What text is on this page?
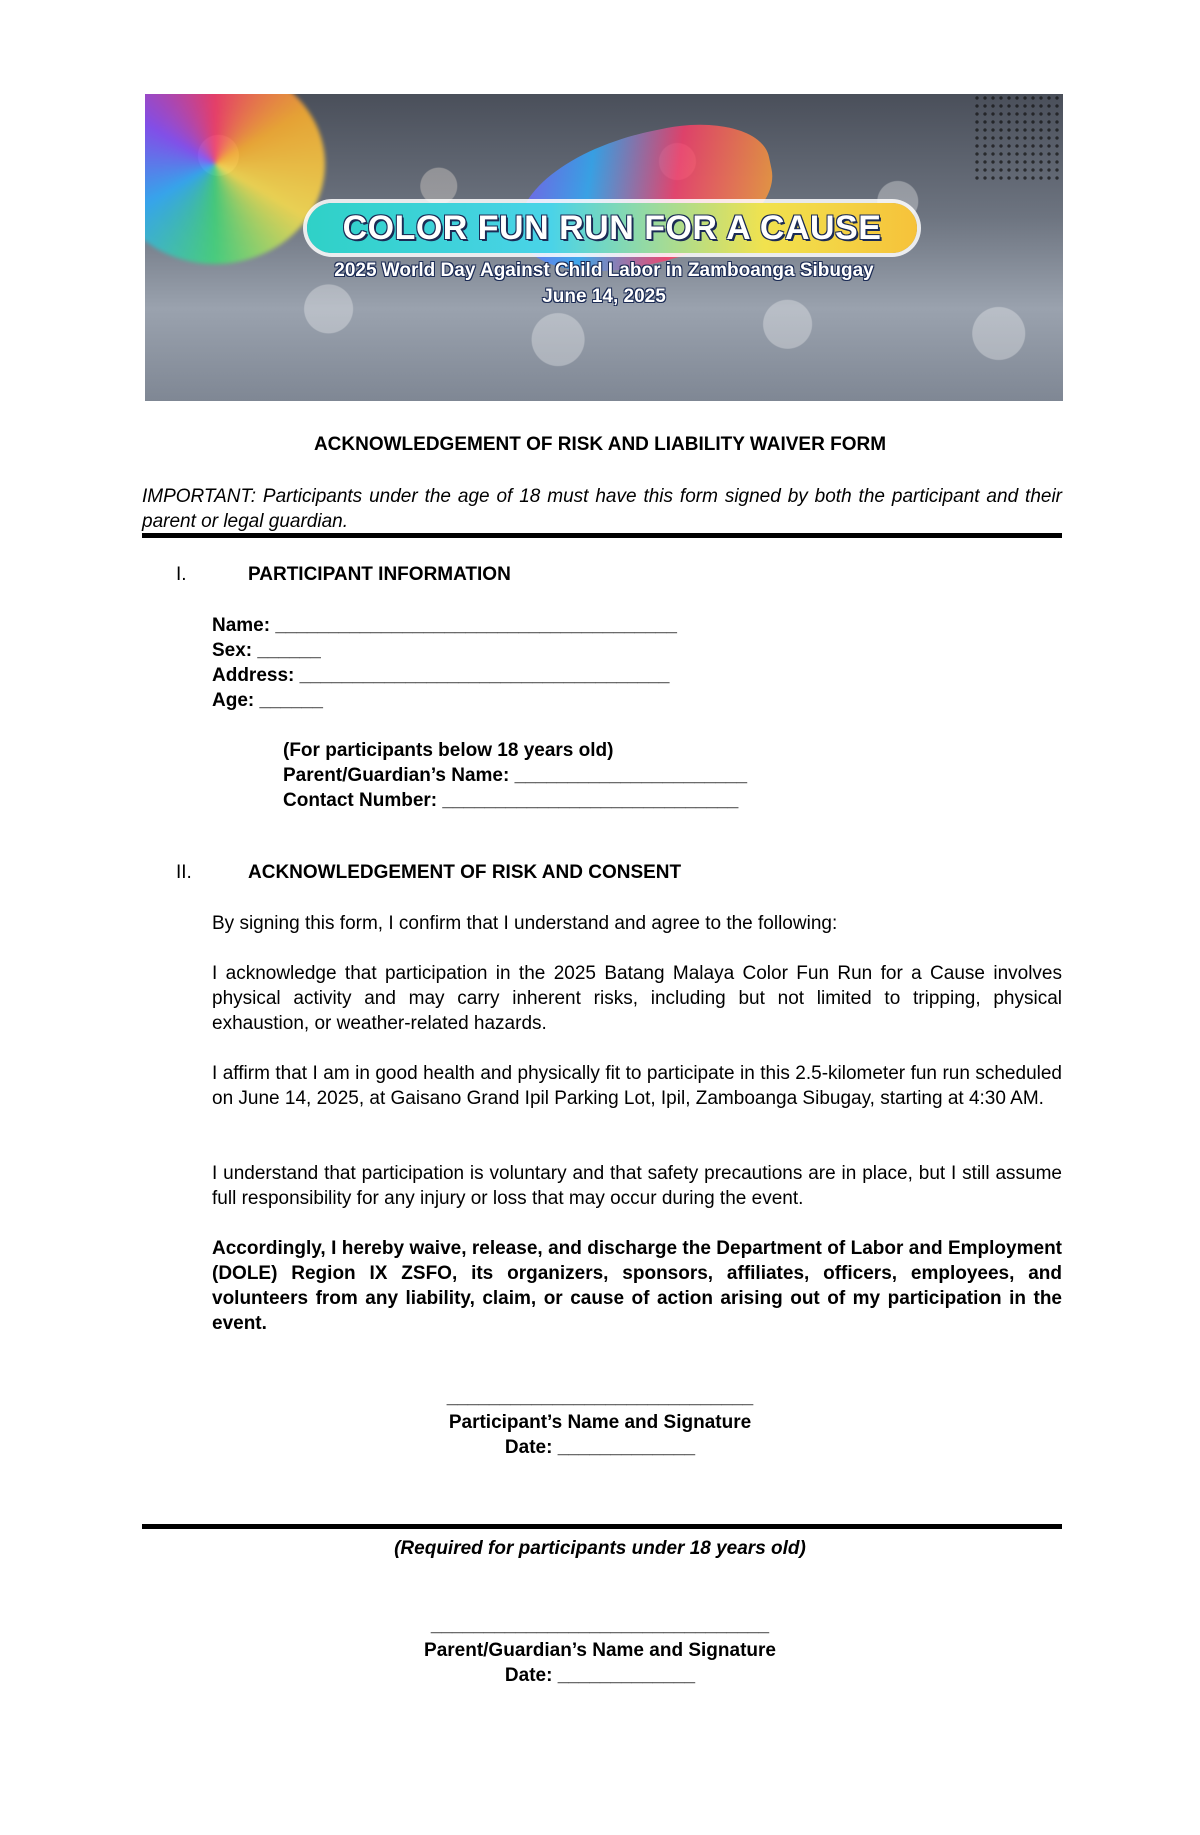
COLOR FUN RUN FOR A CAUSE
2025 World Day Against Child Labor in Zamboanga Sibugay
June 14, 2025
ACKNOWLEDGEMENT OF RISK AND LIABILITY WAIVER FORM
IMPORTANT: Participants under the age of 18 must have this form signed by both the participant and their parent or legal guardian.
I.	PARTICIPANT INFORMATION
Name: ______________________________________
Sex: ______
Address: ___________________________________
Age: ______
(For participants below 18 years old)
Parent/Guardian’s Name: ______________________
Contact Number: ____________________________
II.	ACKNOWLEDGEMENT OF RISK AND CONSENT
By signing this form, I confirm that I understand and agree to the following:
I acknowledge that participation in the 2025 Batang Malaya Color Fun Run for a Cause involves physical activity and may carry inherent risks, including but not limited to tripping, physical exhaustion, or weather-related hazards.
I affirm that I am in good health and physically fit to participate in this 2.5-kilometer fun run scheduled on June 14, 2025, at Gaisano Grand Ipil Parking Lot, Ipil, Zamboanga Sibugay, starting at 4:30 AM.
I understand that participation is voluntary and that safety precautions are in place, but I still assume full responsibility for any injury or loss that may occur during the event.
Accordingly, I hereby waive, release, and discharge the Department of Labor and Employment (DOLE) Region IX ZSFO, its organizers, sponsors, affiliates, officers, employees, and volunteers from any liability, claim, or cause of action arising out of my participation in the event.
_____________________________
Participant’s Name and Signature
Date: _____________
(Required for participants under 18 years old)
________________________________
Parent/Guardian’s Name and Signature
Date: _____________
